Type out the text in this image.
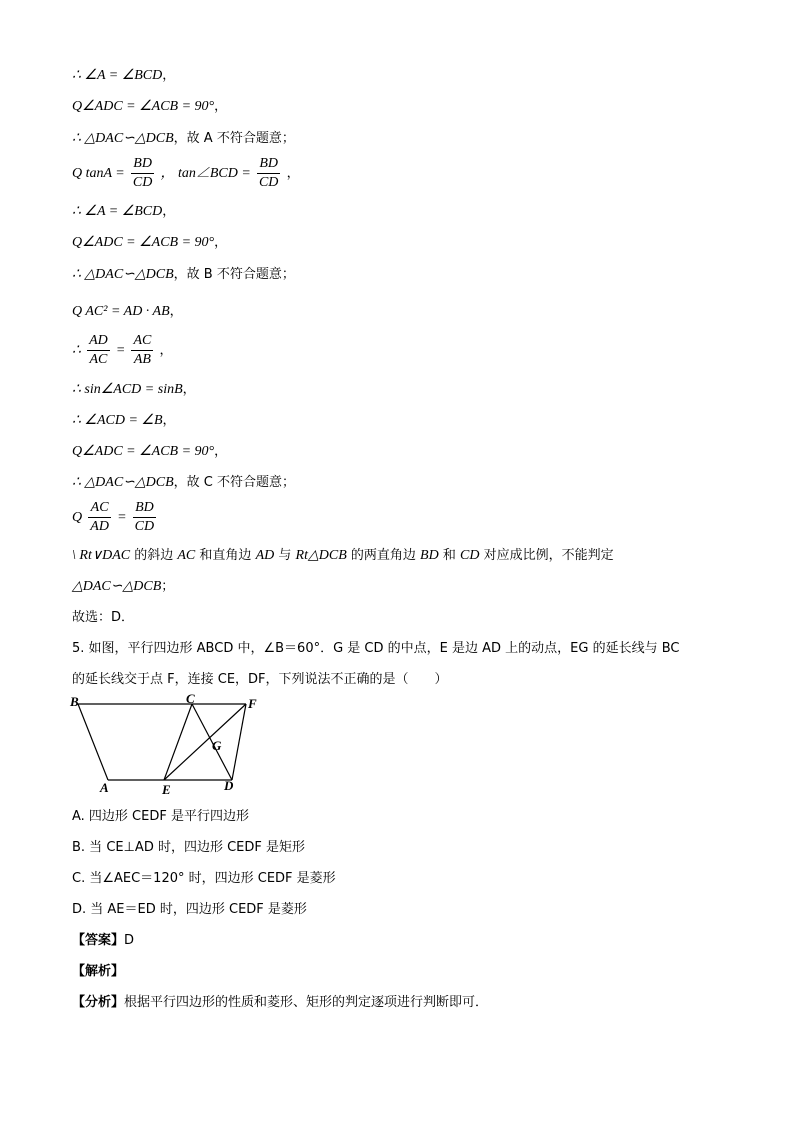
∴ ∠A = ∠BCD，
Q∠ADC = ∠ACB = 90°，
∴ △DAC∽△DCB，故 A 不符合题意；
Q $\tan A = \frac{BD}{CD}$ ， tan∠BCD = $\frac{BD}{CD}$ ，
∴ ∠A = ∠BCD，
Q∠ADC = ∠ACB = 90°，
∴ △DAC∽△DCB，故 B 不符合题意；
Q AC² = AD · AB，
∴ $\frac{AD}{AC} = \frac{AC}{AB}$ ，
∴ sin∠ACD = sinB，
∴ ∠ACD = ∠B，
Q∠ADC = ∠ACB = 90°，
∴ △DAC∽△DCB，故 C 不符合题意；
Q $\frac{AC}{AD} = \frac{BD}{CD}$
\ Rt∨DAC 的斜边 AC 和直角边 AD 与 Rt△DCB 的两直角边 BD 和 CD 对应成比例，不能判定
△DAC∽△DCB；
故选：D．
5. 如图，平行四边形 ABCD 中，∠B＝60°．G 是 CD 的中点，E 是边 AD 上的动点，EG 的延长线与 BC
的延长线交于点 F，连接 CE，DF，下列说法不正确的是（　　）
B	C	F
G
A	E	D
A. 四边形 CEDF 是平行四边形
B. 当 CE⊥AD 时，四边形 CEDF 是矩形
C. 当∠AEC＝120° 时，四边形 CEDF 是菱形
D. 当 AE＝ED 时，四边形 CEDF 是菱形
【答案】D
【解析】
【分析】根据平行四边形的性质和菱形、矩形的判定逐项进行判断即可．
